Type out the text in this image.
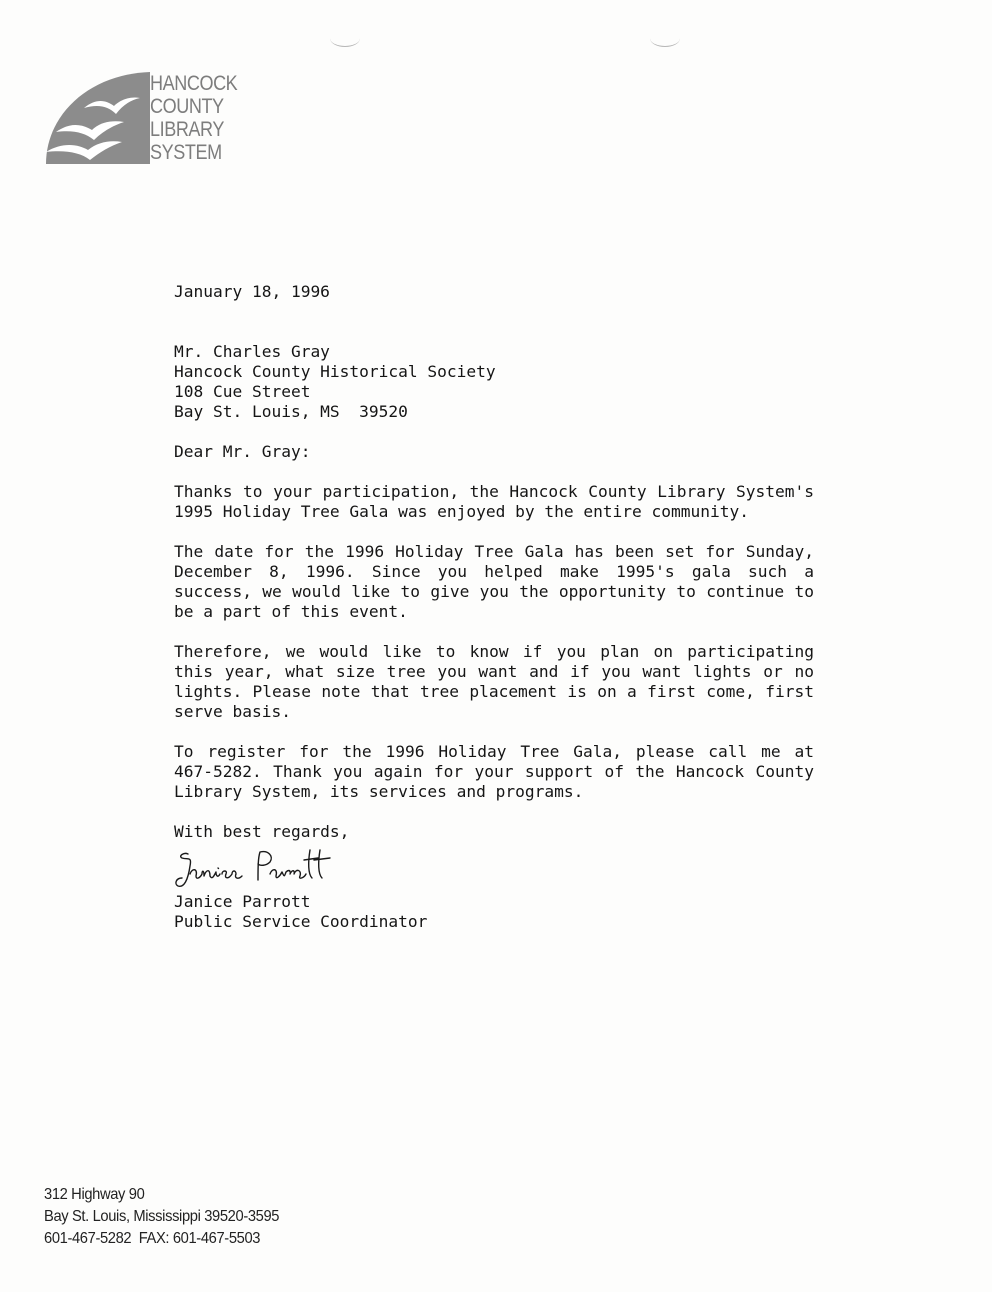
HANCOCK
COUNTY
LIBRARY
SYSTEM
January 18, 1996
Mr. Charles Gray
Hancock County Historical Society
108 Cue Street
Bay St. Louis, MS  39520
Dear Mr. Gray:

Thanks to your participation, the Hancock County Library System's 1995 Holiday Tree Gala was enjoyed by the entire community.

The date for the 1996 Holiday Tree Gala has been set for Sunday, December 8, 1996. Since you helped make 1995's gala such a success, we would like to give you the opportunity to continue to be a part of this event.

Therefore, we would like to know if you plan on participating this year, what size tree you want and if you want lights or no lights. Please note that tree placement is on a first come, first serve basis.

To register for the 1996 Holiday Tree Gala, please call me at 467-5282. Thank you again for your support of the Hancock County Library System, its services and programs.

With best regards,
Janice Parrott
Public Service Coordinator
312 Highway 90
Bay St. Louis, Mississippi 39520-3595
601-467-5282  FAX: 601-467-5503
